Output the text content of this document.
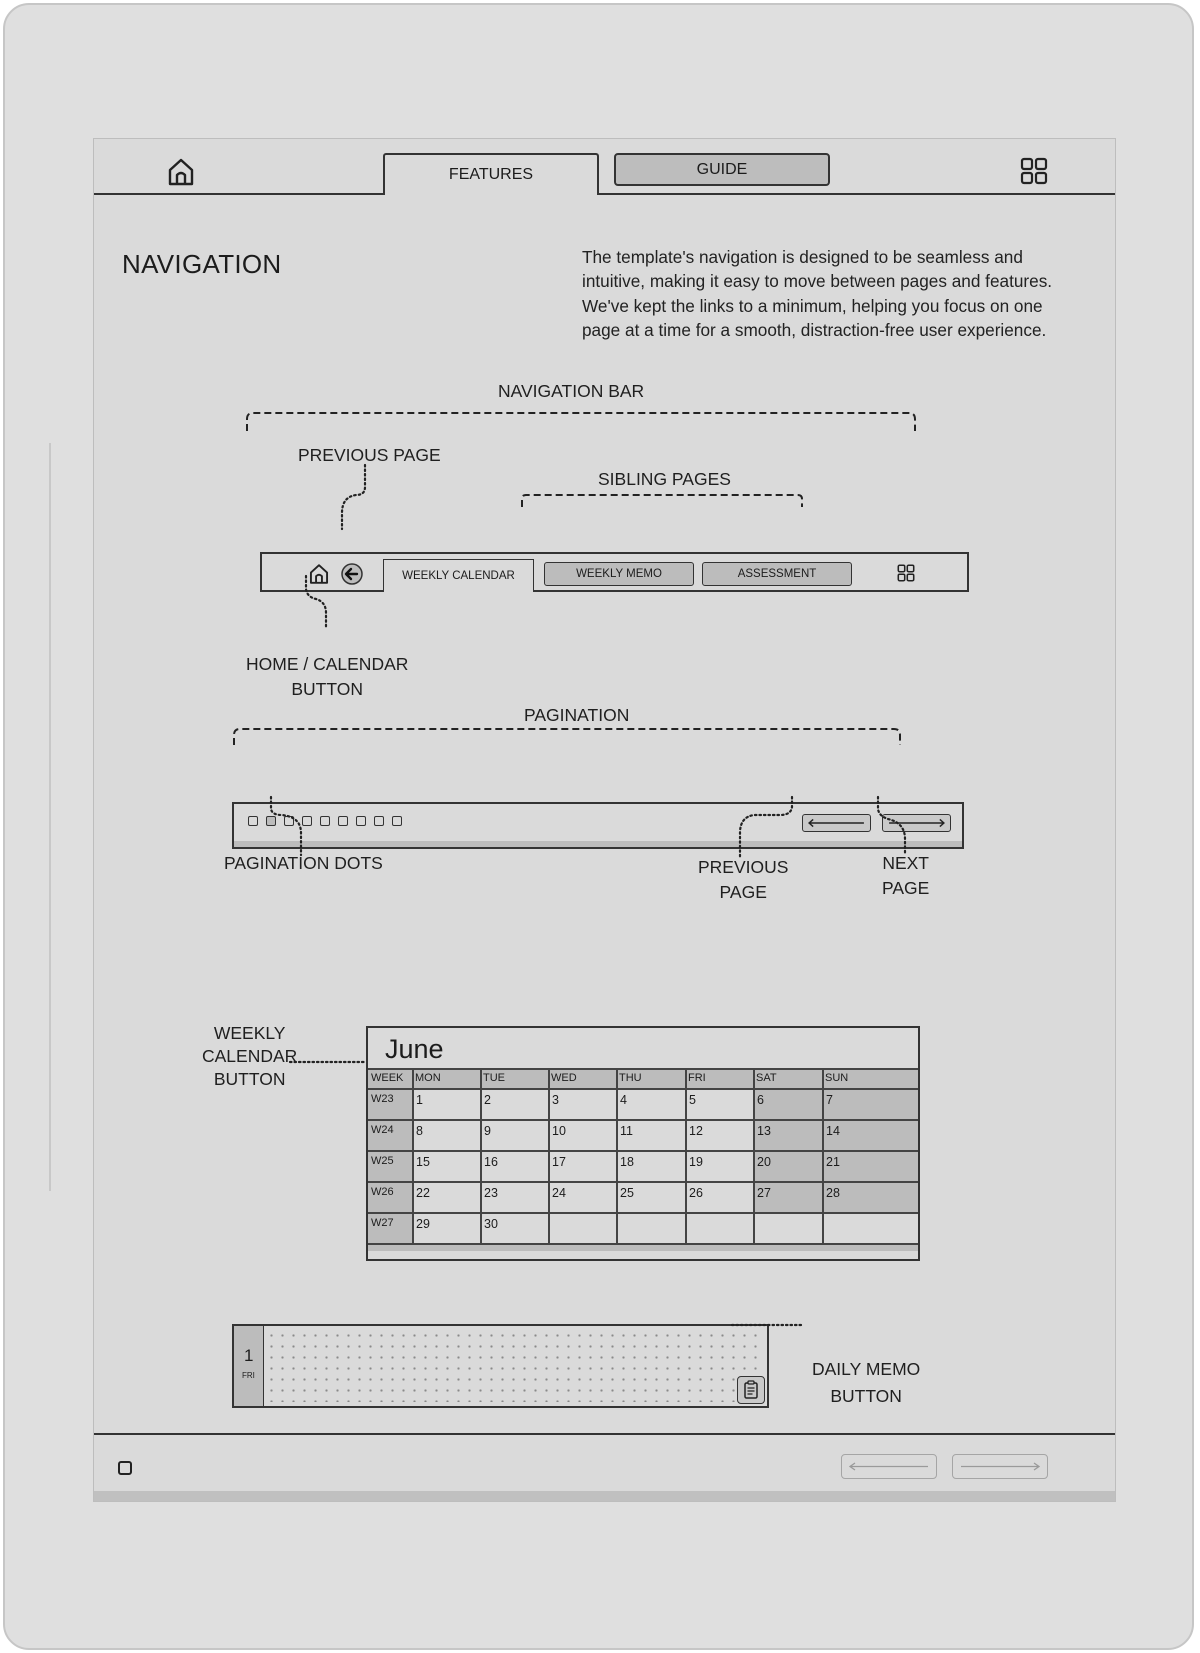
FEATURES	GUIDE
NAVIGATION	The template's navigation is designed to be seamless and intuitive, making it easy to move between pages and features. We've kept the links to a minimum, helping you focus on one page at a time for a smooth, distraction-free user experience.
NAVIGATION BAR
PREVIOUS PAGE
SIBLING PAGES
WEEKLY CALENDAR	WEEKLY MEMO	ASSESSMENT
HOME / CALENDAR
BUTTON
PAGINATION
PAGINATION DOTS	PREVIOUS
PAGE
NEXT
PAGE
WEEKLY
CALENDAR
BUTTON
June
WEEK MON	TUE	WED	THU	FRI	SAT	SUN
W23 1	2	3	4	5	6	7
W24 8	9	10	11	12	13	14
W25 15	16	17	18	19	20	21
W26 22	23	24	25	26	27	28
W27 29	30
1
FRI	DAILY MEMO
BUTTON
